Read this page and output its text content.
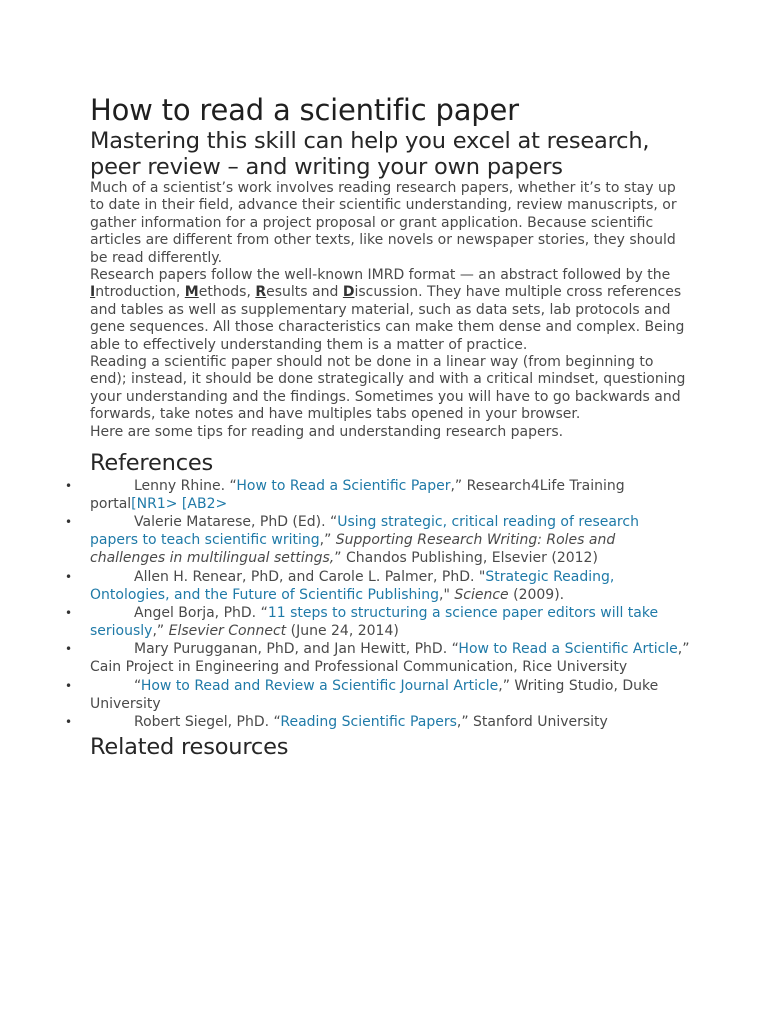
How to read a scientific paper
Mastering this skill can help you excel at research, peer review – and writing your own papers

Much of a scientist’s work involves reading research papers, whether it’s to stay up to date in their field, advance their scientific understanding, review manuscripts, or gather information for a project proposal or grant application. Because scientific articles are different from other texts, like novels or newspaper stories, they should be read differently.

Research papers follow the well-known IMRD format — an abstract followed by the Introduction, Methods, Results and Discussion. They have multiple cross references and tables as well as supplementary material, such as data sets, lab protocols and gene sequences. All those characteristics can make them dense and complex. Being able to effectively understanding them is a matter of practice.

Reading a scientific paper should not be done in a linear way (from beginning to end); instead, it should be done strategically and with a critical mindset, questioning your understanding and the findings. Sometimes you will have to go backwards and forwards, take notes and have multiples tabs opened in your browser.

Here are some tips for reading and understanding research papers.

References
•	Lenny Rhine. “How to Read a Scientific Paper,” Research4Life Training portal[NR1> [AB2>
•	Valerie Matarese, PhD (Ed). “Using strategic, critical reading of research papers to teach scientific writing,” Supporting Research Writing: Roles and challenges in multilingual settings,” Chandos Publishing, Elsevier (2012)
•	Allen H. Renear, PhD, and Carole L. Palmer, PhD. "Strategic Reading, Ontologies, and the Future of Scientific Publishing," Science (2009).
•	Angel Borja, PhD. “11 steps to structuring a science paper editors will take seriously,” Elsevier Connect (June 24, 2014)
•	Mary Purugganan, PhD, and Jan Hewitt, PhD. “How to Read a Scientific Article,” Cain Project in Engineering and Professional Communication, Rice University
•	“How to Read and Review a Scientific Journal Article,” Writing Studio, Duke University
•	Robert Siegel, PhD. “Reading Scientific Papers,” Stanford University
Related resources
